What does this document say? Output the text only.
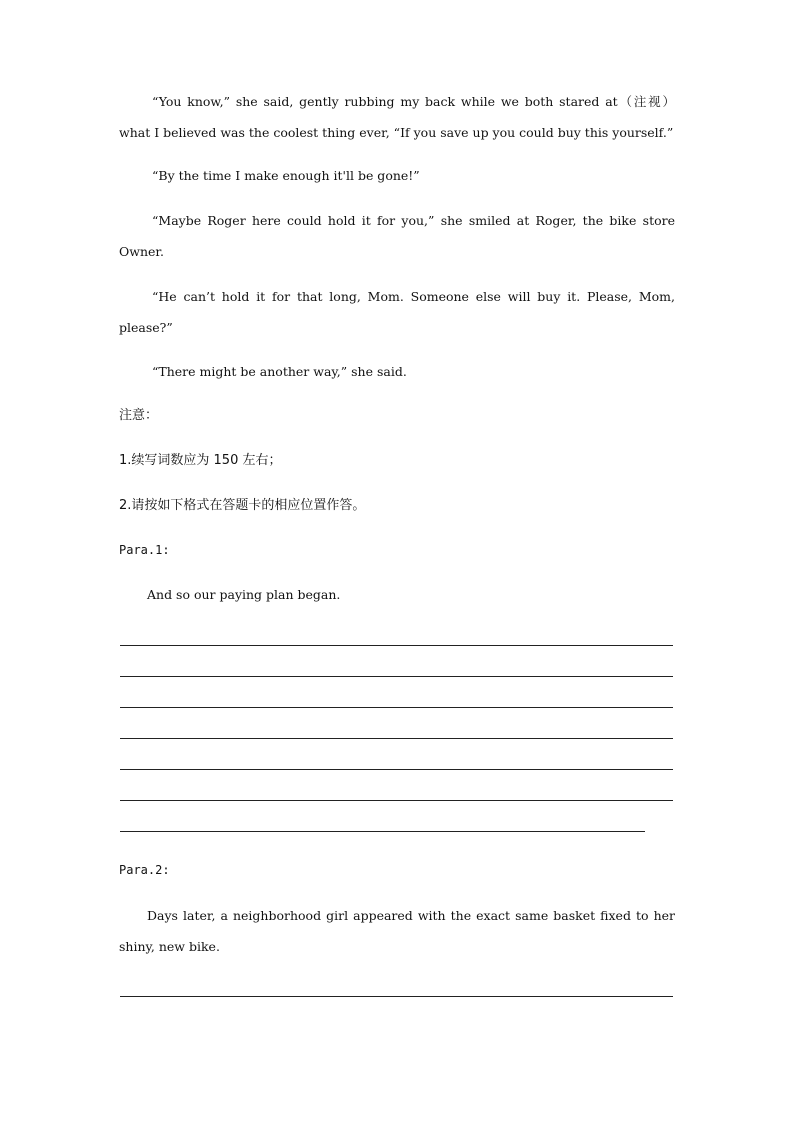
“You know,” she said, gently rubbing my back while we both stared at（注视）what I believed was the coolest thing ever, “If you save up you could buy this yourself.”

“By the time I make enough it'll be gone!”

“Maybe Roger here could hold it for you,” she smiled at Roger, the bike store Owner.

“He can’t hold it for that long, Mom. Someone else will buy it. Please, Mom, please?”

“There might be another way,” she said.

注意：

1.续写词数应为 150 左右；

2.请按如下格式在答题卡的相应位置作答。

Para.1:

And so our paying plan began.

Para.2:

Days later, a neighborhood girl appeared with the exact same basket fixed to her shiny, new bike.
